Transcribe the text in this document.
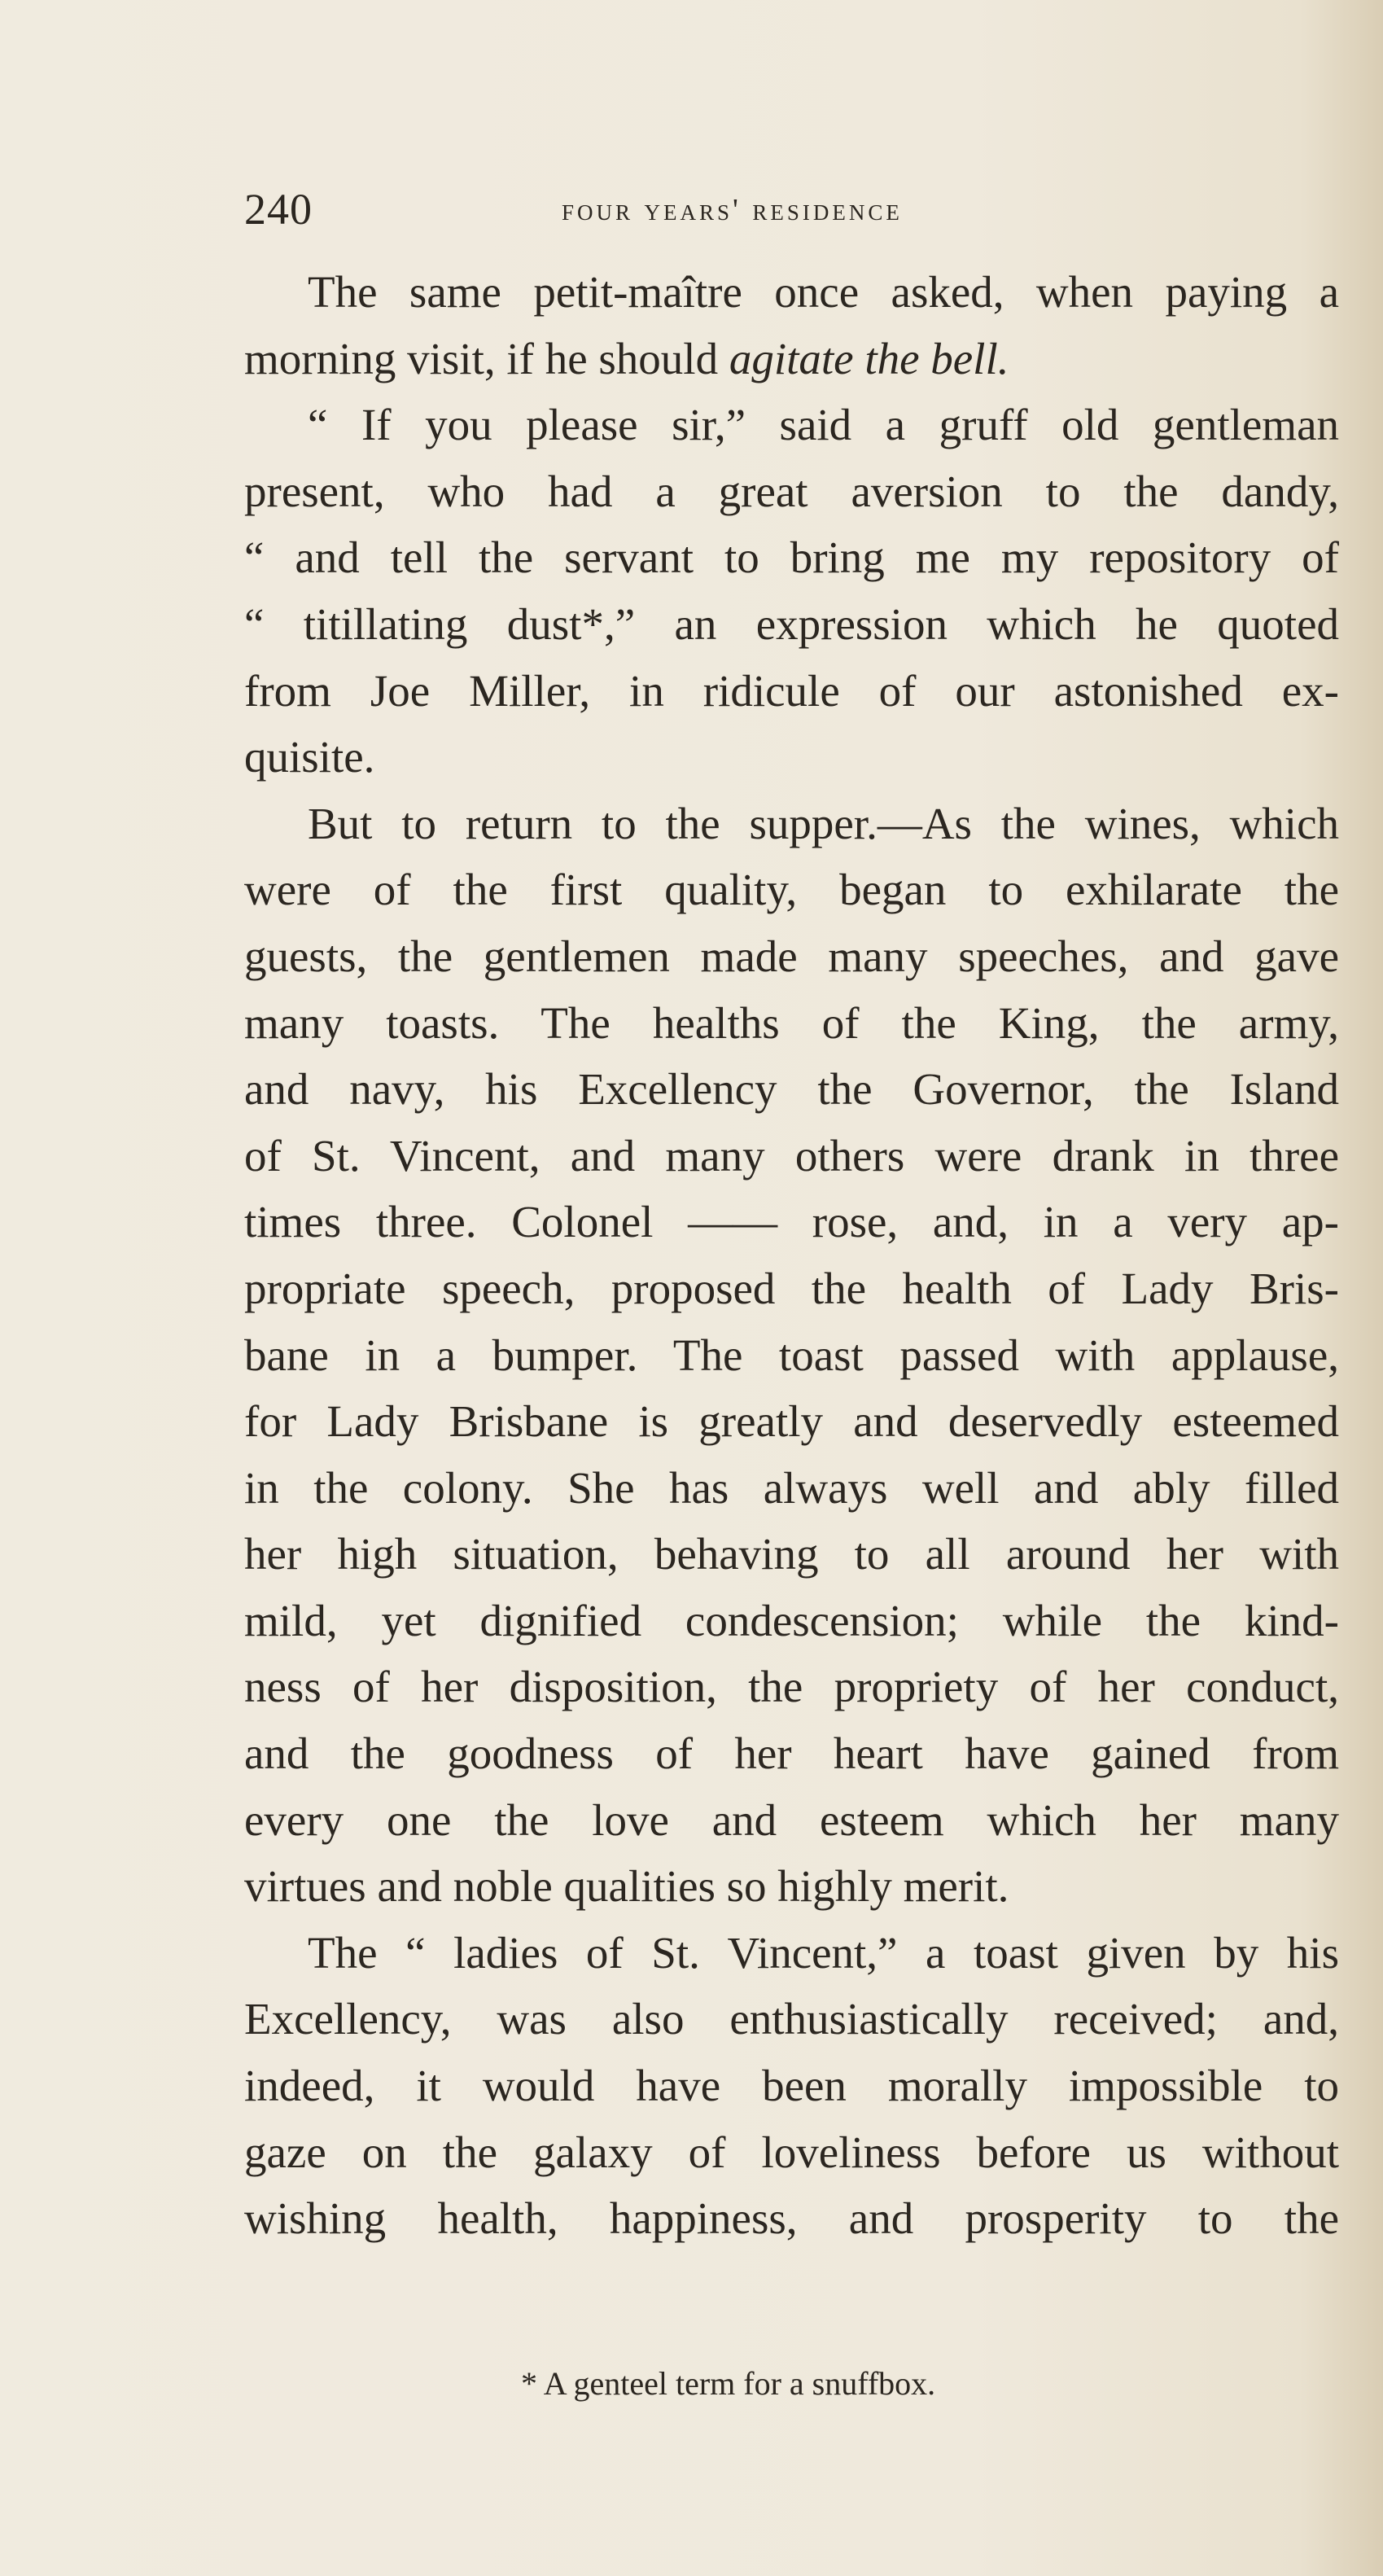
240	four years' residence
The same petit-maître once asked, when paying a
morning visit, if he should agitate the bell.
“ If you please sir,” said a gruff old gentleman
present, who had a great aversion to the dandy,
“ and tell the servant to bring me my repository of
“ titillating dust*,” an expression which he quoted
from Joe Miller, in ridicule of our astonished ex-
quisite.
But to return to the supper.—As the wines, which
were of the first quality, began to exhilarate the
guests, the gentlemen made many speeches, and gave
many toasts. The healths of the King, the army,
and navy, his Excellency the Governor, the Island
of St. Vincent, and many others were drank in three
times three. Colonel —— rose, and, in a very ap-
propriate speech, proposed the health of Lady Bris-
bane in a bumper. The toast passed with applause,
for Lady Brisbane is greatly and deservedly esteemed
in the colony. She has always well and ably filled
her high situation, behaving to all around her with
mild, yet dignified condescension; while the kind-
ness of her disposition, the propriety of her conduct,
and the goodness of her heart have gained from
every one the love and esteem which her many
virtues and noble qualities so highly merit.
The “ ladies of St. Vincent,” a toast given by his
Excellency, was also enthusiastically received; and,
indeed, it would have been morally impossible to
gaze on the galaxy of loveliness before us without
wishing health, happiness, and prosperity to the
* A genteel term for a snuffbox.
